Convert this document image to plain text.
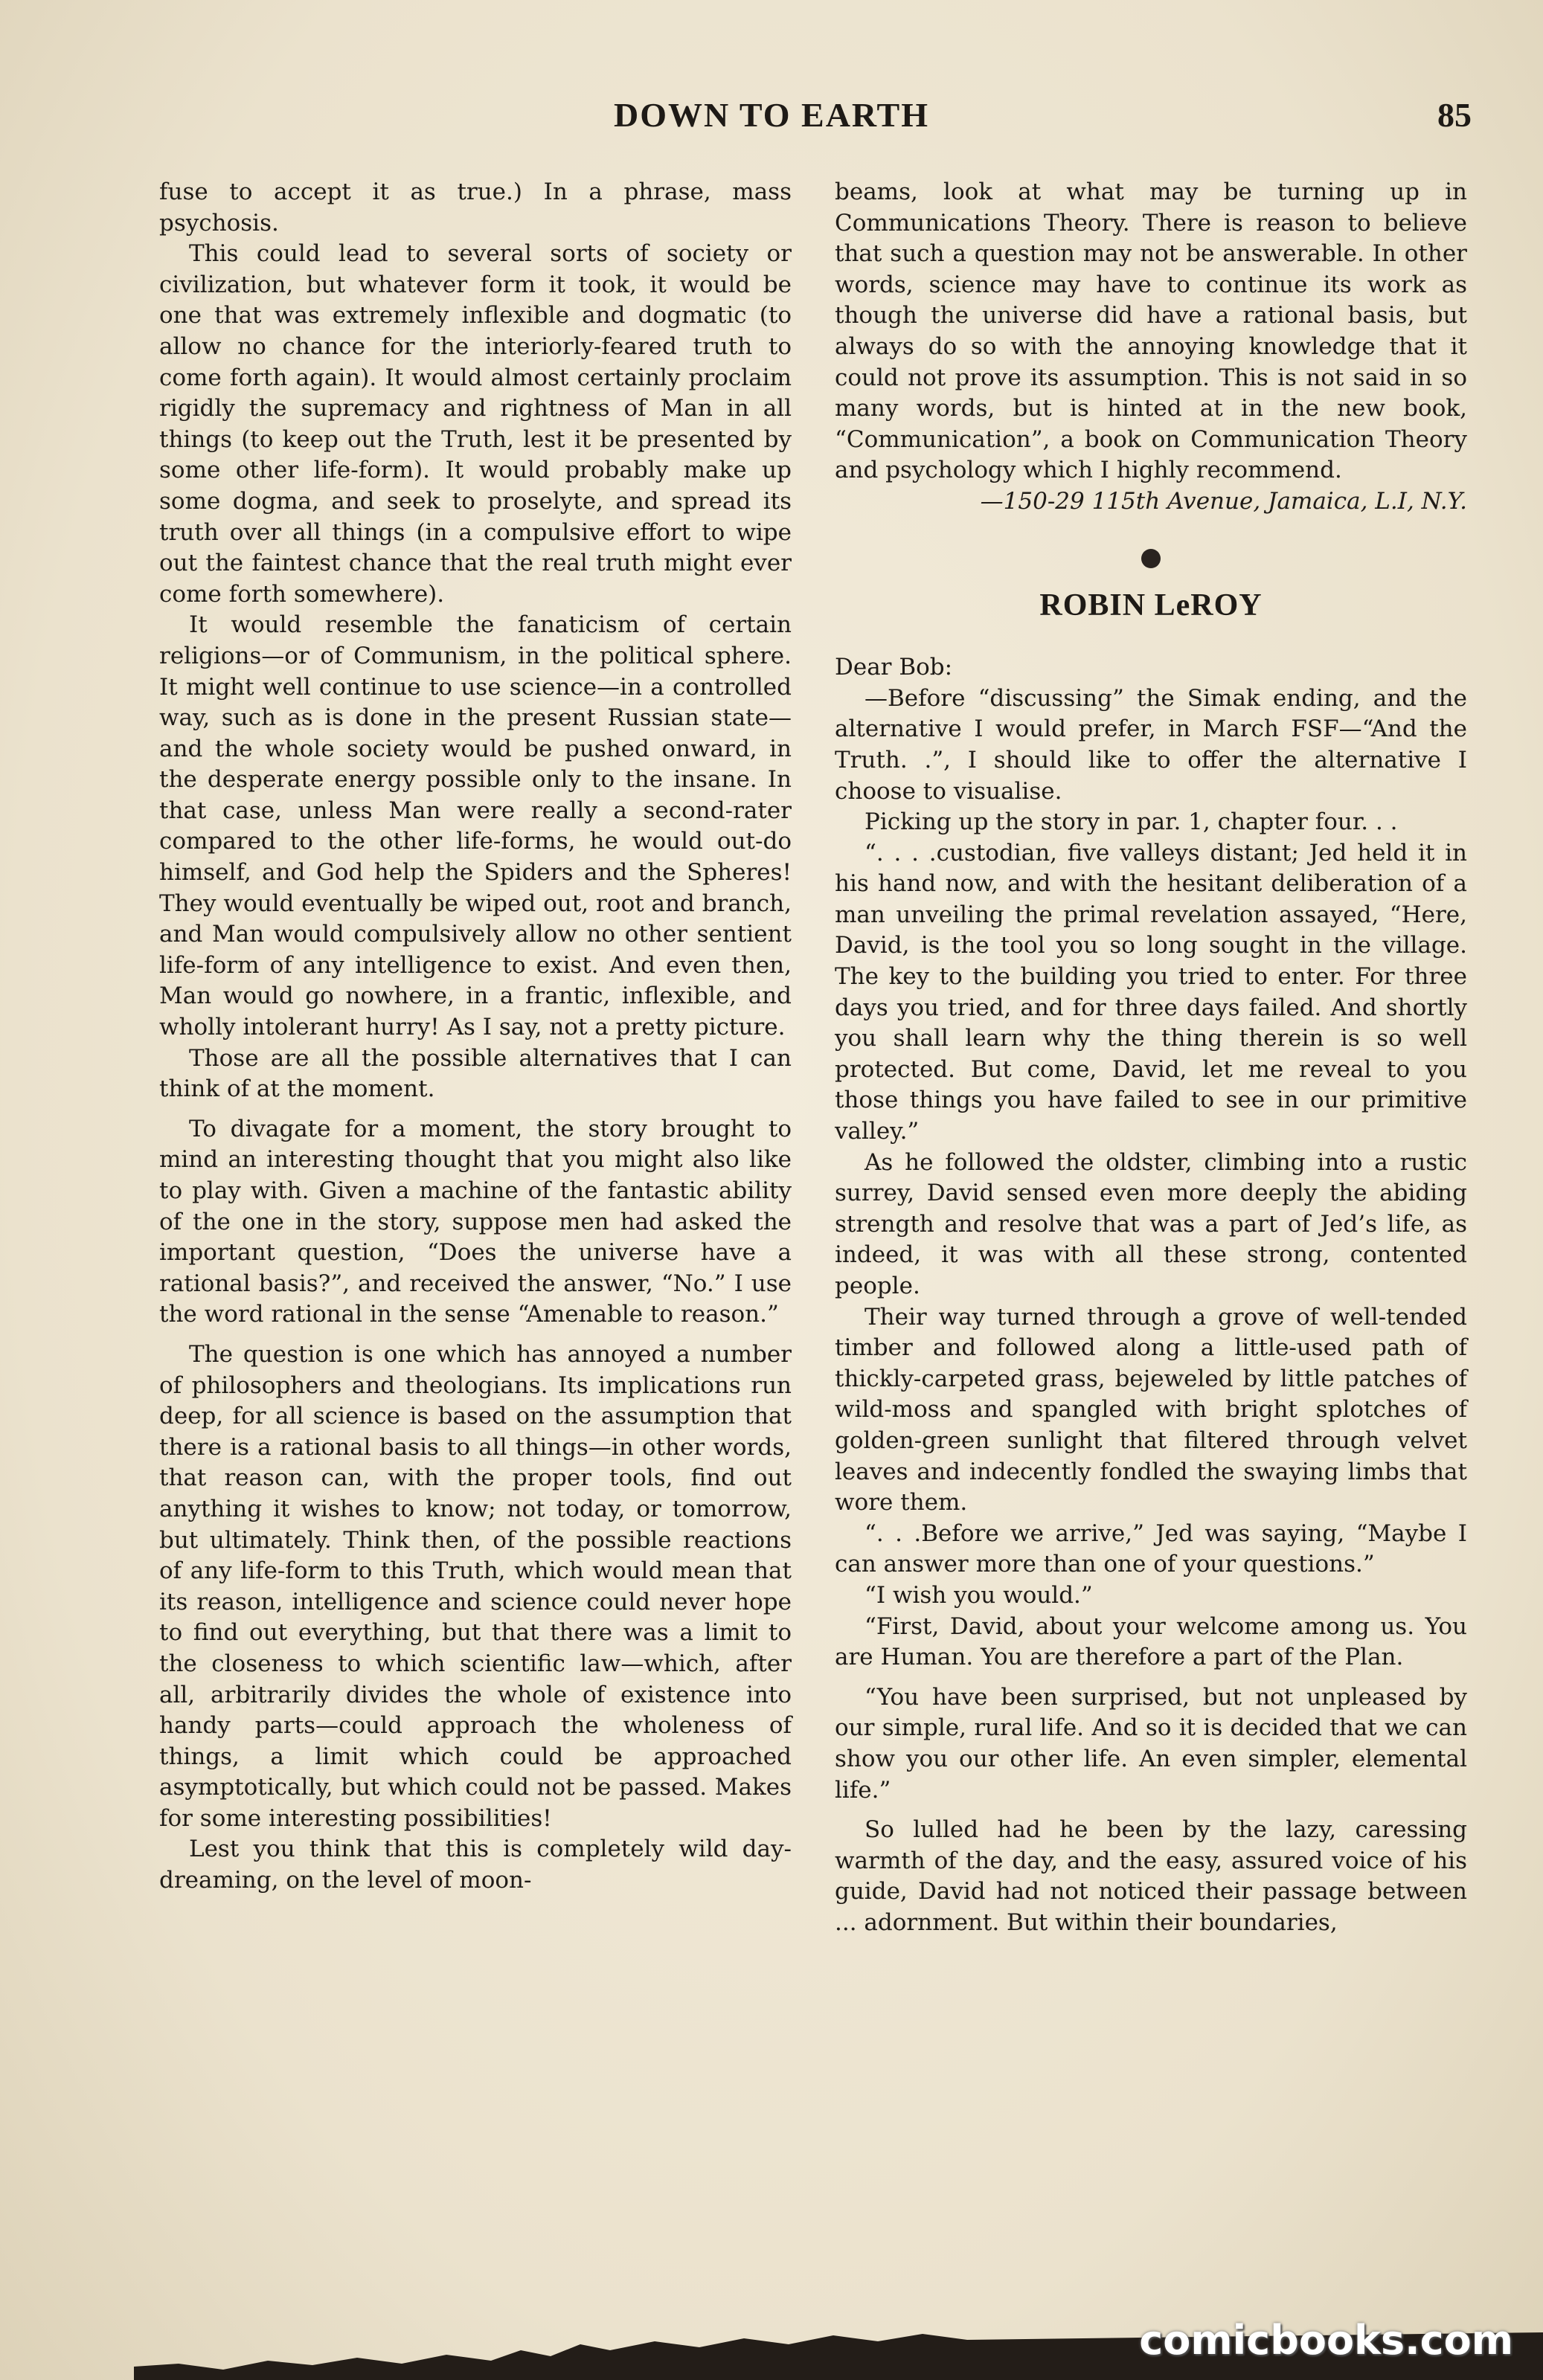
DOWN TO EARTH	85

fuse to accept it as true.) In a phrase, mass psychosis.

This could lead to several sorts of society or civilization, but whatever form it took, it would be one that was extremely inflexible and dogmatic (to allow no chance for the interiorly-feared truth to come forth again). It would almost certainly proclaim rigidly the supremacy and rightness of Man in all things (to keep out the Truth, lest it be presented by some other life-form). It would probably make up some dogma, and seek to proselyte, and spread its truth over all things (in a compulsive effort to wipe out the faintest chance that the real truth might ever come forth somewhere).

It would resemble the fanaticism of certain religions—or of Communism, in the political sphere. It might well continue to use science—in a controlled way, such as is done in the present Russian state—and the whole society would be pushed onward, in the desperate energy possible only to the insane. In that case, unless Man were really a second-rater compared to the other life-forms, he would out-do himself, and God help the Spiders and the Spheres! They would eventually be wiped out, root and branch, and Man would compulsively allow no other sentient life-form of any intelligence to exist. And even then, Man would go nowhere, in a frantic, inflexible, and wholly intolerant hurry! As I say, not a pretty picture.

Those are all the possible alternatives that I can think of at the moment.

To divagate for a moment, the story brought to mind an interesting thought that you might also like to play with. Given a machine of the fantastic ability of the one in the story, suppose men had asked the important question, “Does the universe have a rational basis?”, and received the answer, “No.” I use the word rational in the sense “Amenable to reason.”

The question is one which has annoyed a number of philosophers and theologians. Its implications run deep, for all science is based on the assumption that there is a rational basis to all things—in other words, that reason can, with the proper tools, find out anything it wishes to know; not today, or tomorrow, but ultimately. Think then, of the possible reactions of any life-form to this Truth, which would mean that its reason, intelligence and science could never hope to find out everything, but that there was a limit to the closeness to which scientific law—which, after all, arbitrarily divides the whole of existence into handy parts—could approach the wholeness of things, a limit which could be approached asymptotically, but which could not be passed. Makes for some interesting possibilities!

Lest you think that this is completely wild day-dreaming, on the level of moon-

beams, look at what may be turning up in Communications Theory. There is reason to believe that such a question may not be answerable. In other words, science may have to continue its work as though the universe did have a rational basis, but always do so with the annoying knowledge that it could not prove its assumption. This is not said in so many words, but is hinted at in the new book, “Communication”, a book on Communication Theory and psychology which I highly recommend.

—150-29 115th Avenue, Jamaica, L.I, N.Y.

ROBIN LeROY

Dear Bob:

—Before “discussing” the Simak ending, and the alternative I would prefer, in March FSF—“And the Truth. .”, I should like to offer the alternative I choose to visualise.

Picking up the story in par. 1, chapter four. . .

“. . . .custodian, five valleys distant; Jed held it in his hand now, and with the hesitant deliberation of a man unveiling the primal revelation assayed, “Here, David, is the tool you so long sought in the village. The key to the building you tried to enter. For three days you tried, and for three days failed. And shortly you shall learn why the thing therein is so well protected. But come, David, let me reveal to you those things you have failed to see in our primitive valley.”

As he followed the oldster, climbing into a rustic surrey, David sensed even more deeply the abiding strength and resolve that was a part of Jed’s life, as indeed, it was with all these strong, contented people.

Their way turned through a grove of well-tended timber and followed along a little-used path of thickly-carpeted grass, bejeweled by little patches of wild-moss and spangled with bright splotches of golden-green sunlight that filtered through velvet leaves and indecently fondled the swaying limbs that wore them.

“. . .Before we arrive,” Jed was saying, “Maybe I can answer more than one of your questions.”

“I wish you would.”

“First, David, about your welcome among us. You are Human. You are therefore a part of the Plan.

“You have been surprised, but not unpleased by our simple, rural life. And so it is decided that we can show you our other life. An even simpler, elemental life.”

So lulled had he been by the lazy, caressing warmth of the day, and the easy, assured voice of his guide, David had not noticed their passage between ... adornment. But within their boundaries,

comicbooks.com
